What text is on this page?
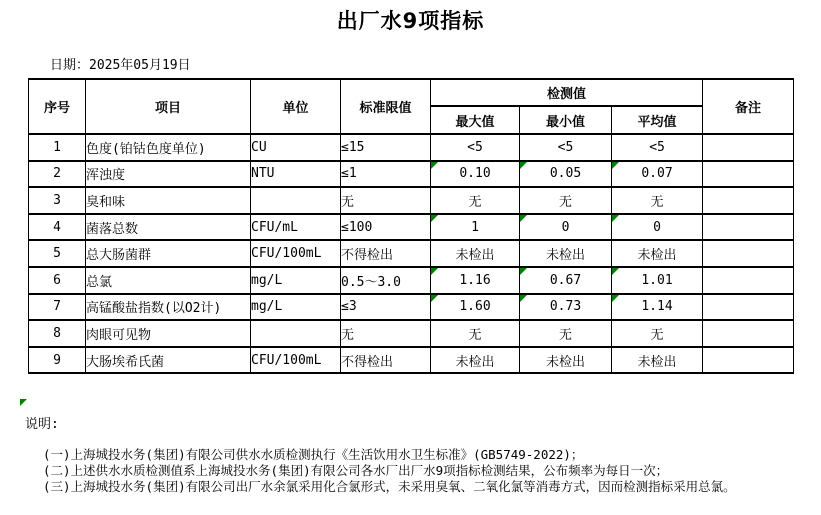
出厂水9项指标
日期：2025年05月19日
序号	项目	单位	标准限值	检测值			备注
				最大值	最小值	平均值	
1	色度(铂钴色度单位)	CU	≤15	<5	<5	<5	
2	浑浊度	NTU	≤1	0.10	0.05	0.07

3	臭和味		无	无	无	无	
4	菌落总数	CFU/mL	≤100	1	0	0

5	总大肠菌群	CFU/100mL	不得检出	未检出	未检出	未检出	
6	总氯	mg/L	0.5～3.0	1.16	0.67	1.01

7	高锰酸盐指数(以O2计)	mg/L	≤3	1.60	0.73	1.14

8	肉眼可见物		无	无	无	无	
9	大肠埃希氏菌	CFU/100mL	不得检出	未检出	未检出	未检出	
说明:
(一)上海城投水务(集团)有限公司供水水质检测执行《生活饮用水卫生标准》(GB5749-2022)；
(二)上述供水水质检测值系上海城投水务(集团)有限公司各水厂出厂水9项指标检测结果，公布频率为每日一次；
(三)上海城投水务(集团)有限公司出厂水余氯采用化合氯形式，未采用臭氧、二氧化氯等消毒方式，因而检测指标采用总氯。
